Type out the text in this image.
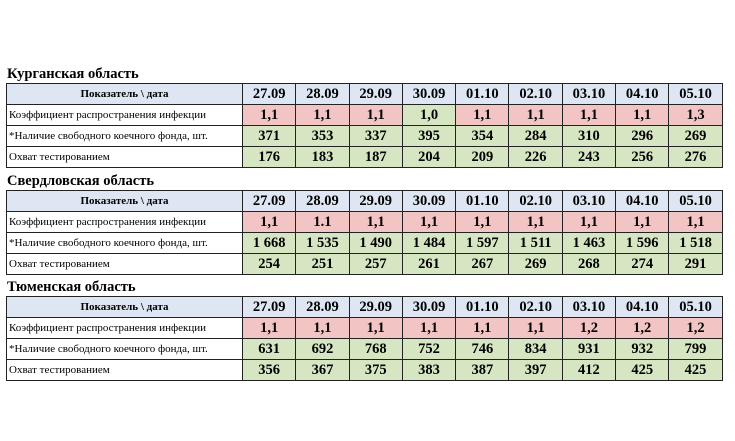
Курганская область
Показатель \ дата	27.09	28.09	29.09	30.09	01.10	02.10	03.10	04.10	05.10
Коэффициент распространения инфекции	1,1	1,1	1,1	1,0	1,1	1,1	1,1	1,1	1,3
*Наличие свободного коечного фонда, шт.	371	353	337	395	354	284	310	296	269
Охват тестированием	176	183	187	204	209	226	243	256	276
Свердловская область
Показатель \ дата	27.09	28.09	29.09	30.09	01.10	02.10	03.10	04.10	05.10
Коэффициент распространения инфекции	1,1	1.1	1,1	1,1	1,1	1,1	1,1	1,1	1,1
*Наличие свободного коечного фонда, шт.	1 668	1 535	1 490	1 484	1 597	1 511	1 463	1 596	1 518
Охват тестированием	254	251	257	261	267	269	268	274	291
Тюменская область
Показатель \ дата	27.09	28.09	29.09	30.09	01.10	02.10	03.10	04.10	05.10
Коэффициент распространения инфекции	1,1	1,1	1,1	1,1	1,1	1,1	1,2	1,2	1,2
*Наличие свободного коечного фонда, шт.	631	692	768	752	746	834	931	932	799
Охват тестированием	356	367	375	383	387	397	412	425	425
